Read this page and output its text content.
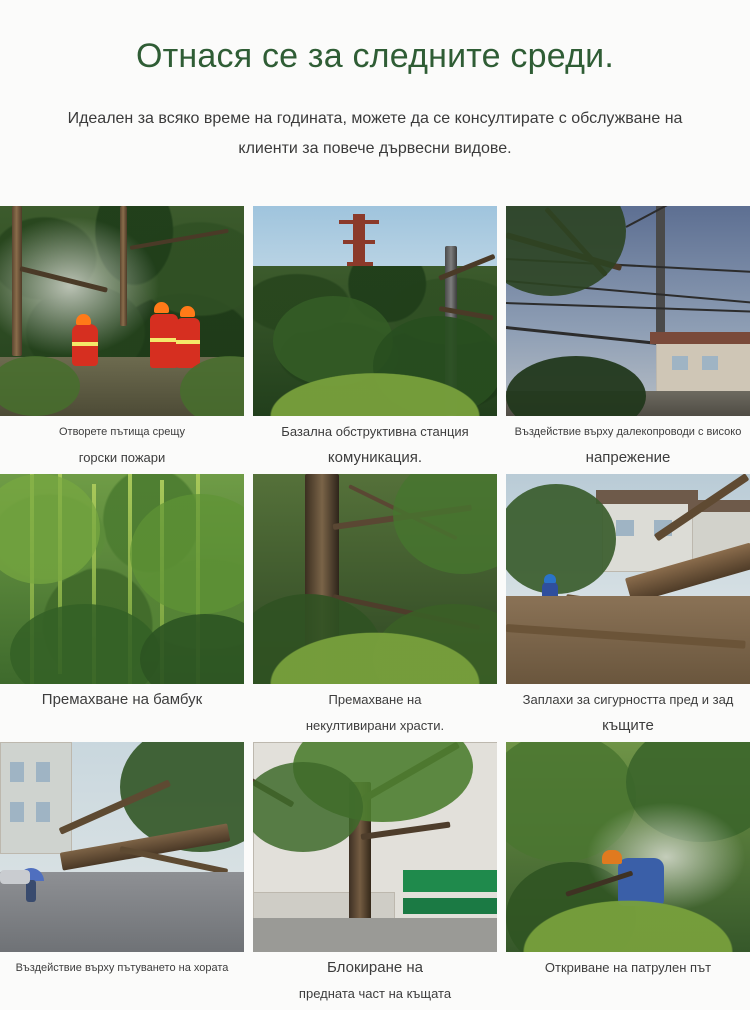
Отнася се за следните среди.

Идеален за всяко време на годината, можете да се консултирате с обслужване на клиенти за повече дървесни видове.

Отворете пътища срещу
горски пожари
Базална обструктивна станция
комуникация.
Въздействие върху далекопроводи с високо
напрежение
Премахване на бамбук	Премахване на
некултивирани храсти.
Заплахи за сигурността пред и зад
къщите
Въздействие върху пътуването на хората	Блокиране на
предната част на къщата
Откриване на патрулен път
